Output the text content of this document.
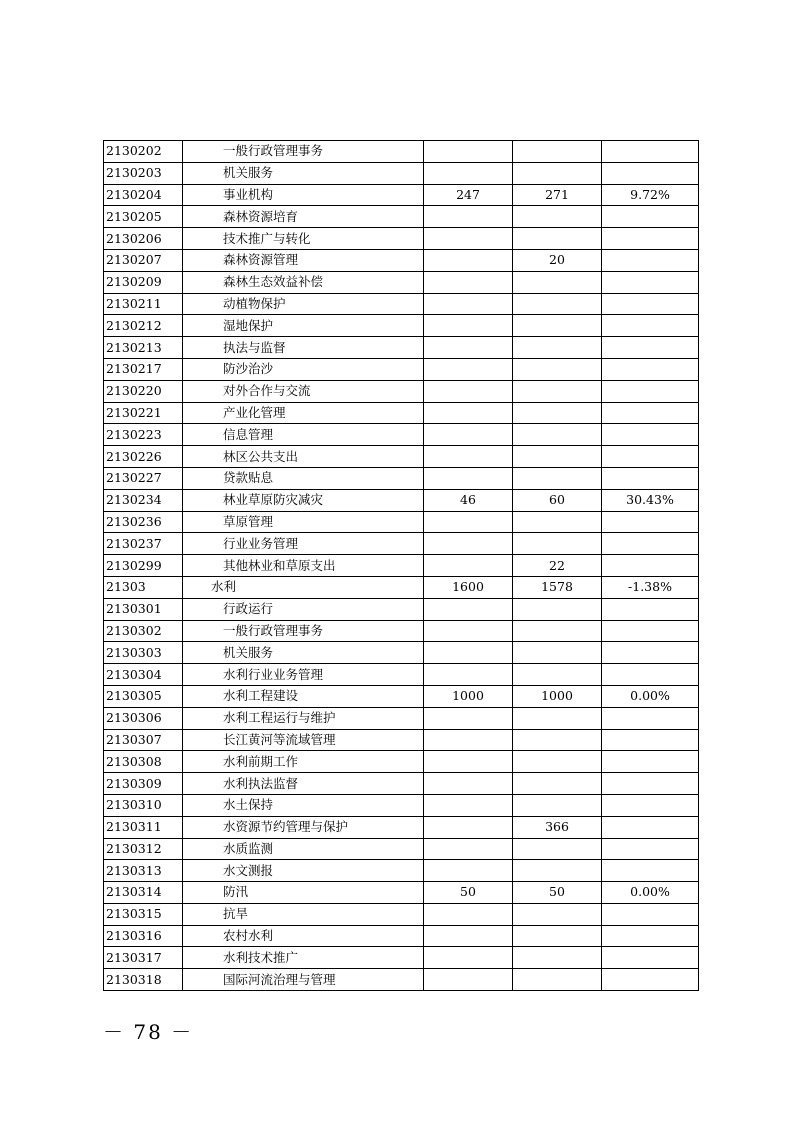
2130202	一般行政管理事务			

2130203	机关服务			

2130204	事业机构	247	271	9.72%
2130205	森林资源培育			

2130206	技术推广与转化			

2130207	森林资源管理		20	
2130209	森林生态效益补偿			

2130211	动植物保护			

2130212	湿地保护			

2130213	执法与监督			

2130217	防沙治沙			

2130220	对外合作与交流			

2130221	产业化管理			

2130223	信息管理			

2130226	林区公共支出			

2130227	贷款贴息			

2130234	林业草原防灾减灾	46	60	30.43%
2130236	草原管理			

2130237	行业业务管理			

2130299	其他林业和草原支出		22	
21303	水利	1600	1578	-1.38%
2130301	行政运行			

2130302	一般行政管理事务			

2130303	机关服务			

2130304	水利行业业务管理			

2130305	水利工程建设	1000	1000	0.00%
2130306	水利工程运行与维护			

2130307	长江黄河等流域管理			

2130308	水利前期工作			

2130309	水利执法监督			

2130310	水土保持			

2130311	水资源节约管理与保护		366	
2130312	水质监测			

2130313	水文测报			

2130314	防汛	50	50	0.00%
2130315	抗旱			

2130316	农村水利			

2130317	水利技术推广			

2130318	国际河流治理与管理			

－ 78 －
